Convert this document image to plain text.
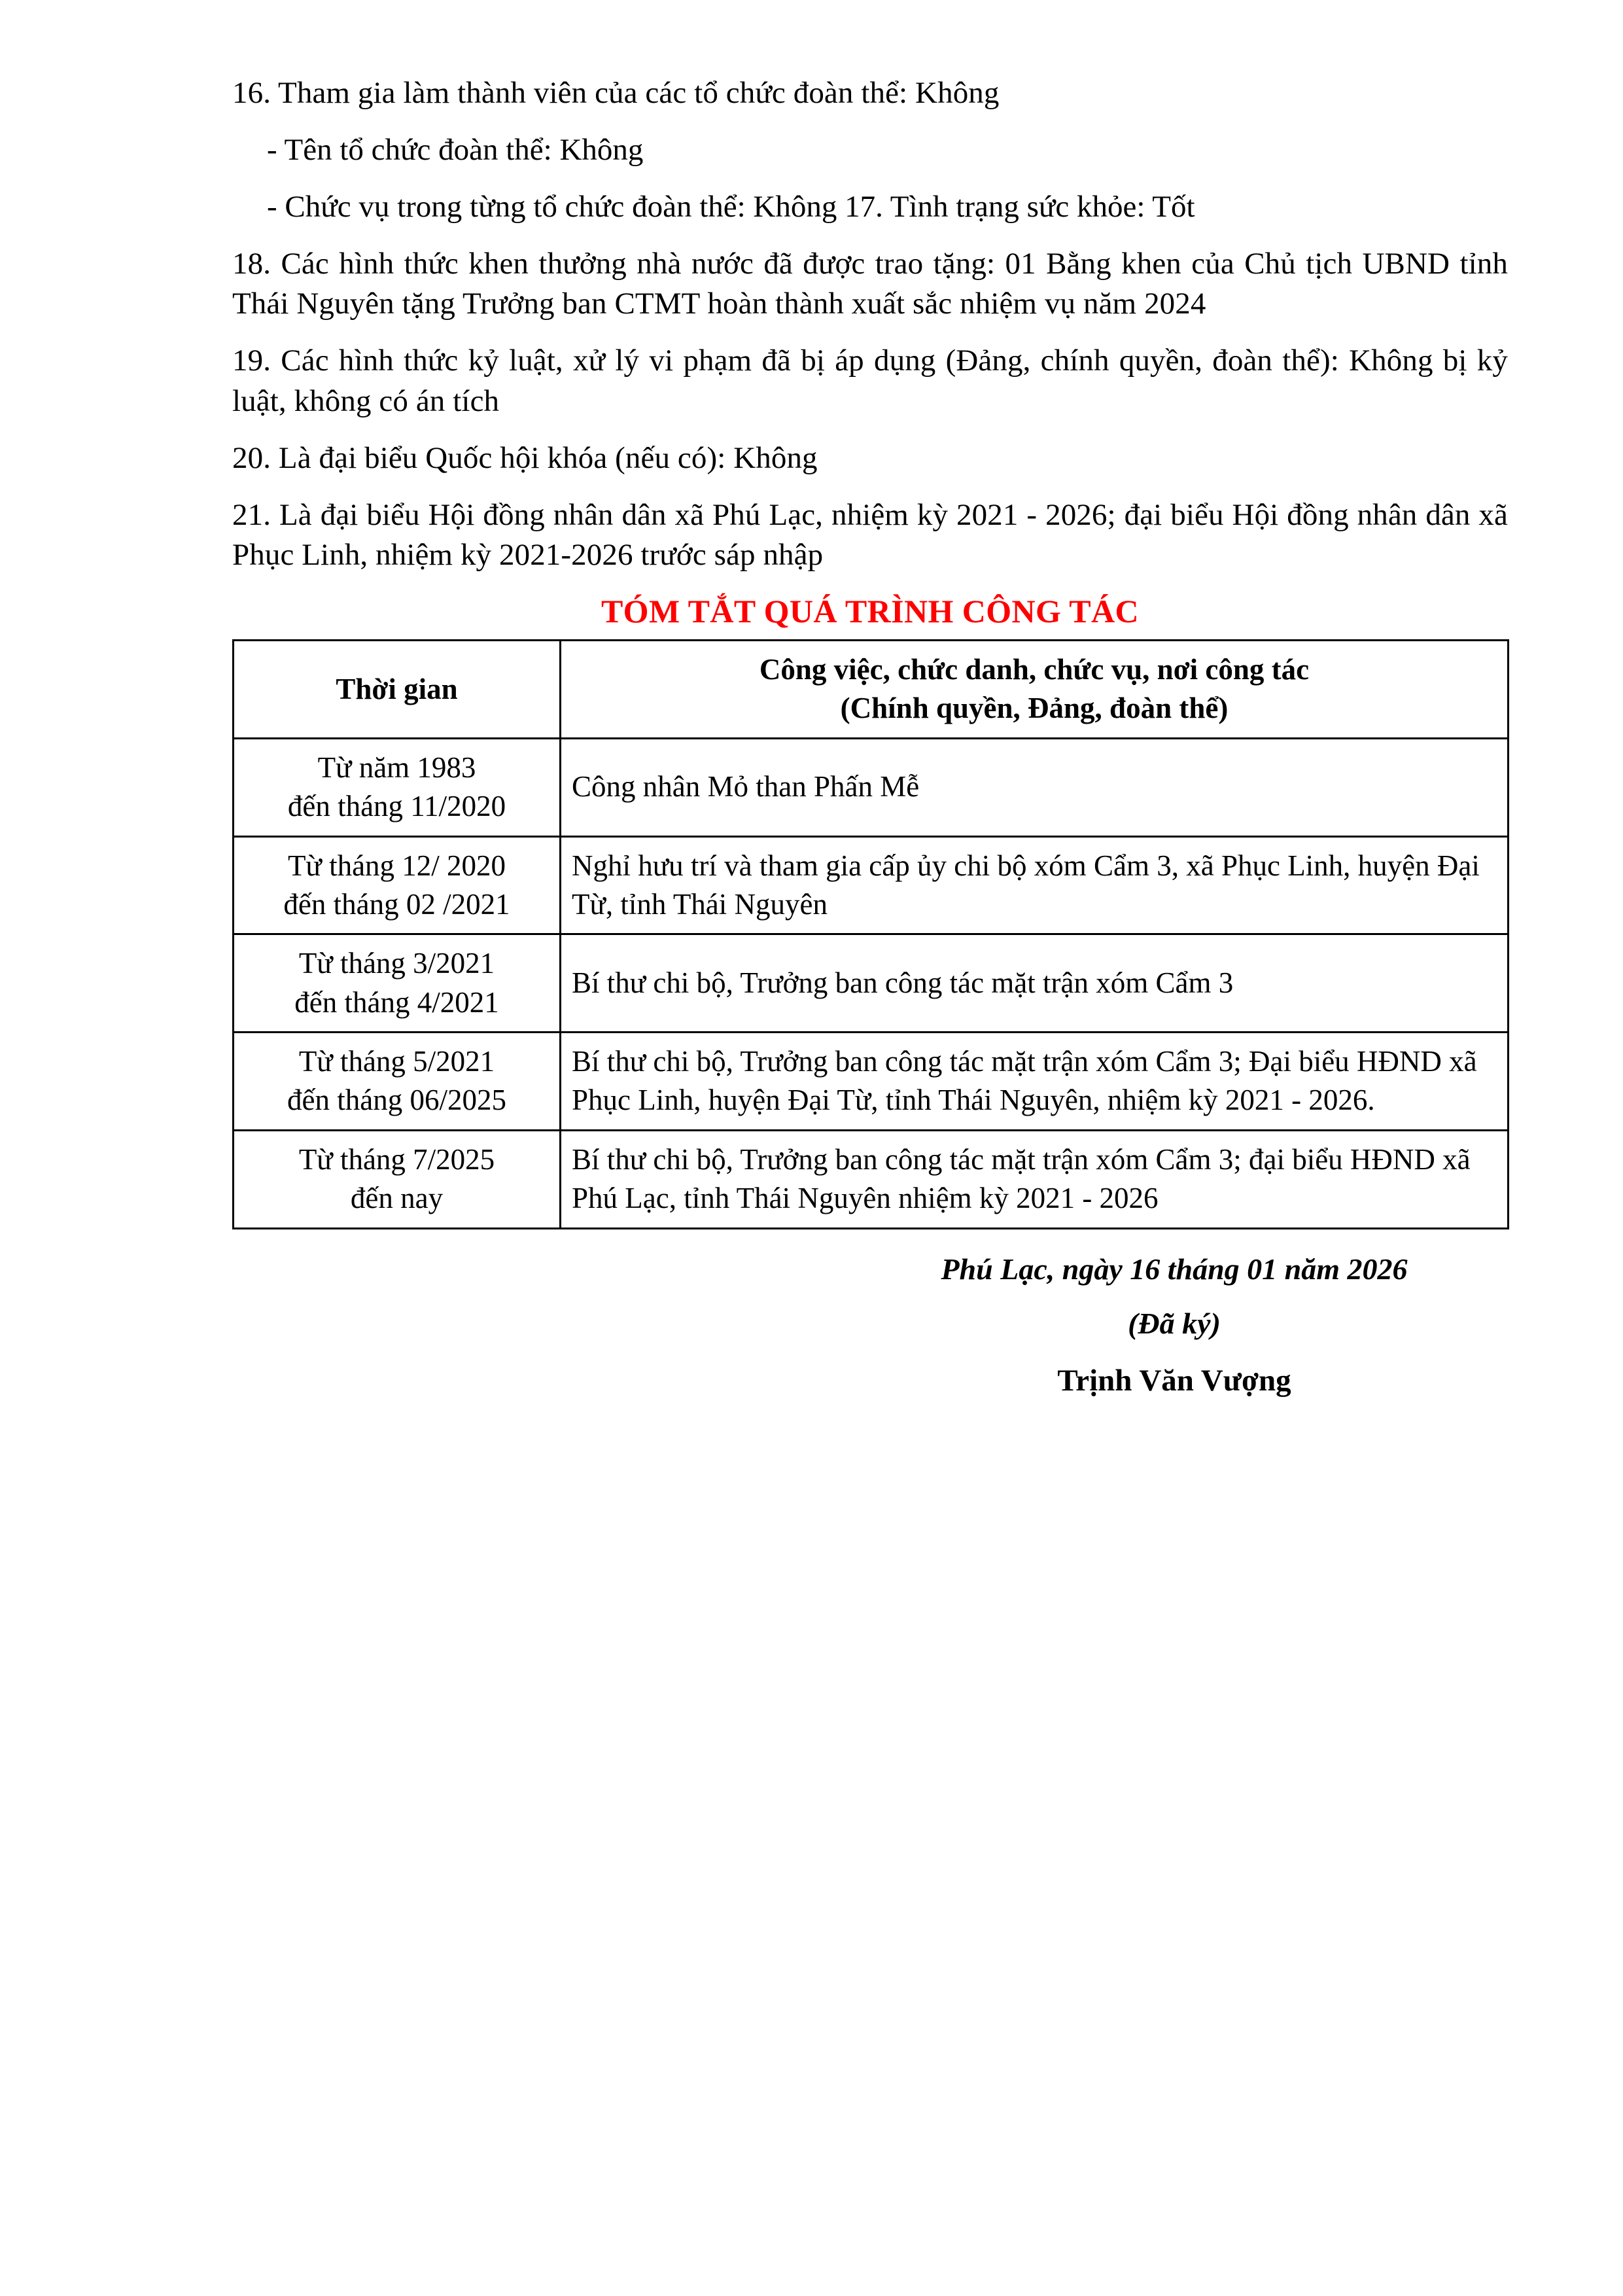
16. Tham gia làm thành viên của các tổ chức đoàn thể: Không

- Tên tổ chức đoàn thể: Không

- Chức vụ trong từng tổ chức đoàn thể: Không 17. Tình trạng sức khỏe: Tốt

18. Các hình thức khen thưởng nhà nước đã được trao tặng: 01 Bằng khen của Chủ tịch UBND tỉnh Thái Nguyên tặng Trưởng ban CTMT hoàn thành xuất sắc nhiệm vụ năm 2024

19. Các hình thức kỷ luật, xử lý vi phạm đã bị áp dụng (Đảng, chính quyền, đoàn thể): Không bị kỷ luật, không có án tích

20. Là đại biểu Quốc hội khóa (nếu có): Không

21. Là đại biểu Hội đồng nhân dân xã Phú Lạc, nhiệm kỳ 2021 - 2026; đại biểu Hội đồng nhân dân xã Phục Linh, nhiệm kỳ 2021-2026 trước sáp nhập

TÓM TẮT QUÁ TRÌNH CÔNG TÁC
Thời gian	Công việc, chức danh, chức vụ, nơi công tác
(Chính quyền, Đảng, đoàn thể)

Từ năm 1983
đến tháng 11/2020	Công nhân Mỏ than Phấn Mễ
Từ tháng 12/ 2020
đến tháng 02 /2021	Nghỉ hưu trí và tham gia cấp ủy chi bộ xóm Cẩm 3, xã Phục Linh, huyện Đại Từ, tỉnh Thái Nguyên
Từ tháng 3/2021
đến tháng 4/2021	Bí thư chi bộ, Trưởng ban công tác mặt trận xóm Cẩm 3
Từ tháng 5/2021
đến tháng 06/2025	Bí thư chi bộ, Trưởng ban công tác mặt trận xóm Cẩm 3; Đại biểu HĐND xã Phục Linh, huyện Đại Từ, tỉnh Thái Nguyên, nhiệm kỳ 2021 - 2026.
Từ tháng 7/2025
đến nay	Bí thư chi bộ, Trưởng ban công tác mặt trận xóm Cẩm 3; đại biểu HĐND xã Phú Lạc, tỉnh Thái Nguyên nhiệm kỳ 2021 - 2026
Phú Lạc, ngày 16 tháng 01 năm 2026
(Đã ký)
Trịnh Văn Vượng
